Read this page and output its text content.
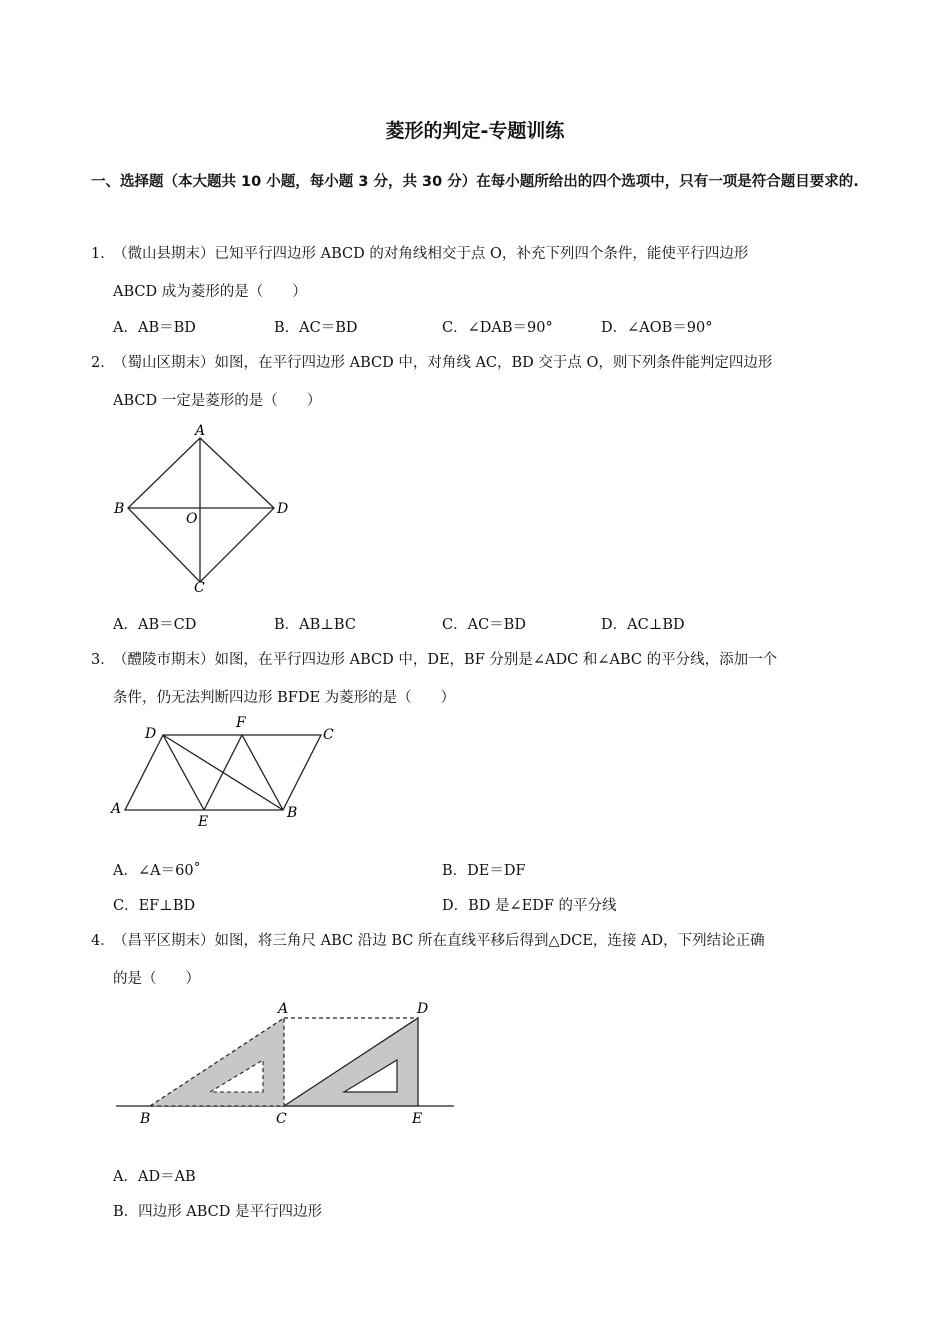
菱形的判定-专题训练
一、选择题（本大题共 10 小题，每小题 3 分，共 30 分）在每小题所给出的四个选项中，只有一项是符合题目要求的.
1．
（微山县期末）已知平行四边形 ABCD 的对角线相交于点 O，补充下列四个条件，能使平行四边形
ABCD 成为菱形的是（　　）
A．AB＝BD	B．AC＝BD	C．∠DAB＝90°	D．∠AOB＝90°
2．
（蜀山区期末）如图，在平行四边形 ABCD 中，对角线 AC，BD 交于点 O，则下列条件能判定四边形
ABCD 一定是菱形的是（　　）
A
B
O
D
C
A．AB＝CD	B．AB⊥BC	C．AC＝BD	D．AC⊥BD
3．
（醴陵市期末）如图，在平行四边形 ABCD 中，DE，BF 分别是∠ADC 和∠ABC 的平分线，添加一个
条件，仍无法判断四边形 BFDE 为菱形的是（　　）
D
F
C
A
E
B
A．∠A＝60˚	B．DE＝DF
C．EF⊥BD	D．BD 是∠EDF 的平分线
4．
（昌平区期末）如图，将三角尺 ABC 沿边 BC 所在直线平移后得到△DCE，连接 AD，下列结论正确
的是（　　）
A	D
B	C	E
A．AD＝AB
B．四边形 ABCD 是平行四边形
